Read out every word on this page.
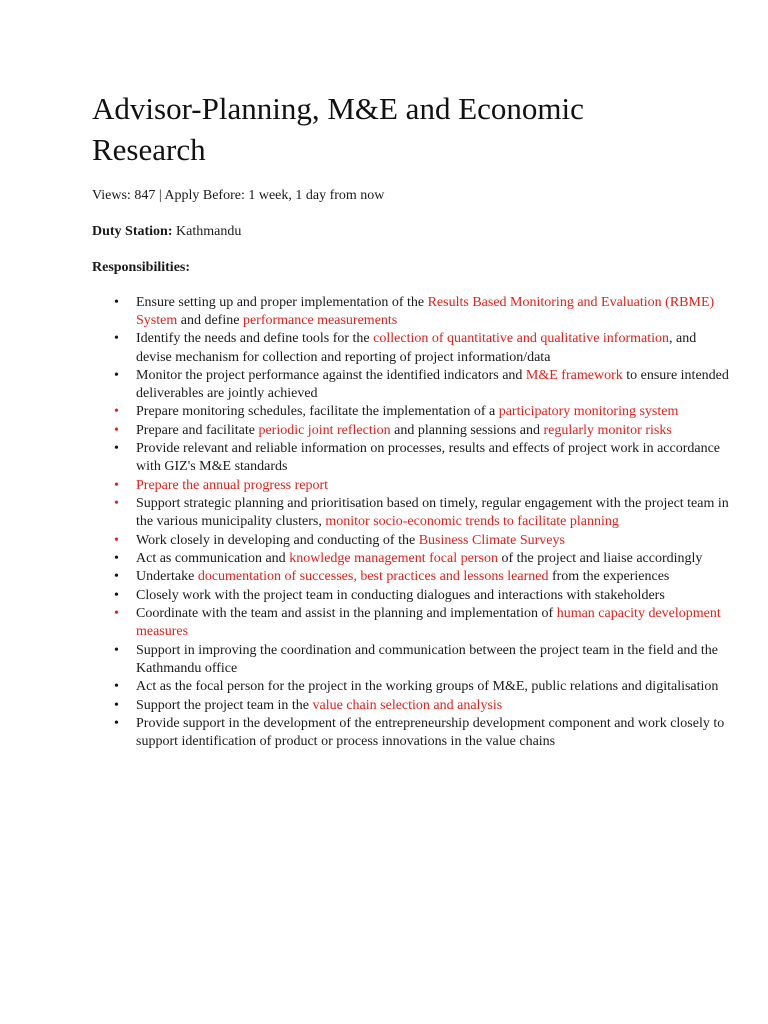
Advisor-Planning, M&E and Economic Research

Views: 847 | Apply Before: 1 week, 1 day from now

Duty Station: Kathmandu

Responsibilities:

• Ensure setting up and proper implementation of the Results Based Monitoring and Evaluation (RBME) System and define performance measurements
• Identify the needs and define tools for the collection of quantitative and qualitative information, and devise mechanism for collection and reporting of project information/data
• Monitor the project performance against the identified indicators and M&E framework to ensure intended deliverables are jointly achieved
• Prepare monitoring schedules, facilitate the implementation of a participatory monitoring system
• Prepare and facilitate periodic joint reflection and planning sessions and regularly monitor risks
• Provide relevant and reliable information on processes, results and effects of project work in accordance with GIZ's M&E standards
• Prepare the annual progress report
• Support strategic planning and prioritisation based on timely, regular engagement with the project team in the various municipality clusters, monitor socio-economic trends to facilitate planning
• Work closely in developing and conducting of the Business Climate Surveys
• Act as communication and knowledge management focal person of the project and liaise accordingly
• Undertake documentation of successes, best practices and lessons learned from the experiences
• Closely work with the project team in conducting dialogues and interactions with stakeholders
• Coordinate with the team and assist in the planning and implementation of human capacity development measures
• Support in improving the coordination and communication between the project team in the field and the Kathmandu office
• Act as the focal person for the project in the working groups of M&E, public relations and digitalisation
• Support the project team in the value chain selection and analysis
• Provide support in the development of the entrepreneurship development component and work closely to support identification of product or process innovations in the value chains
